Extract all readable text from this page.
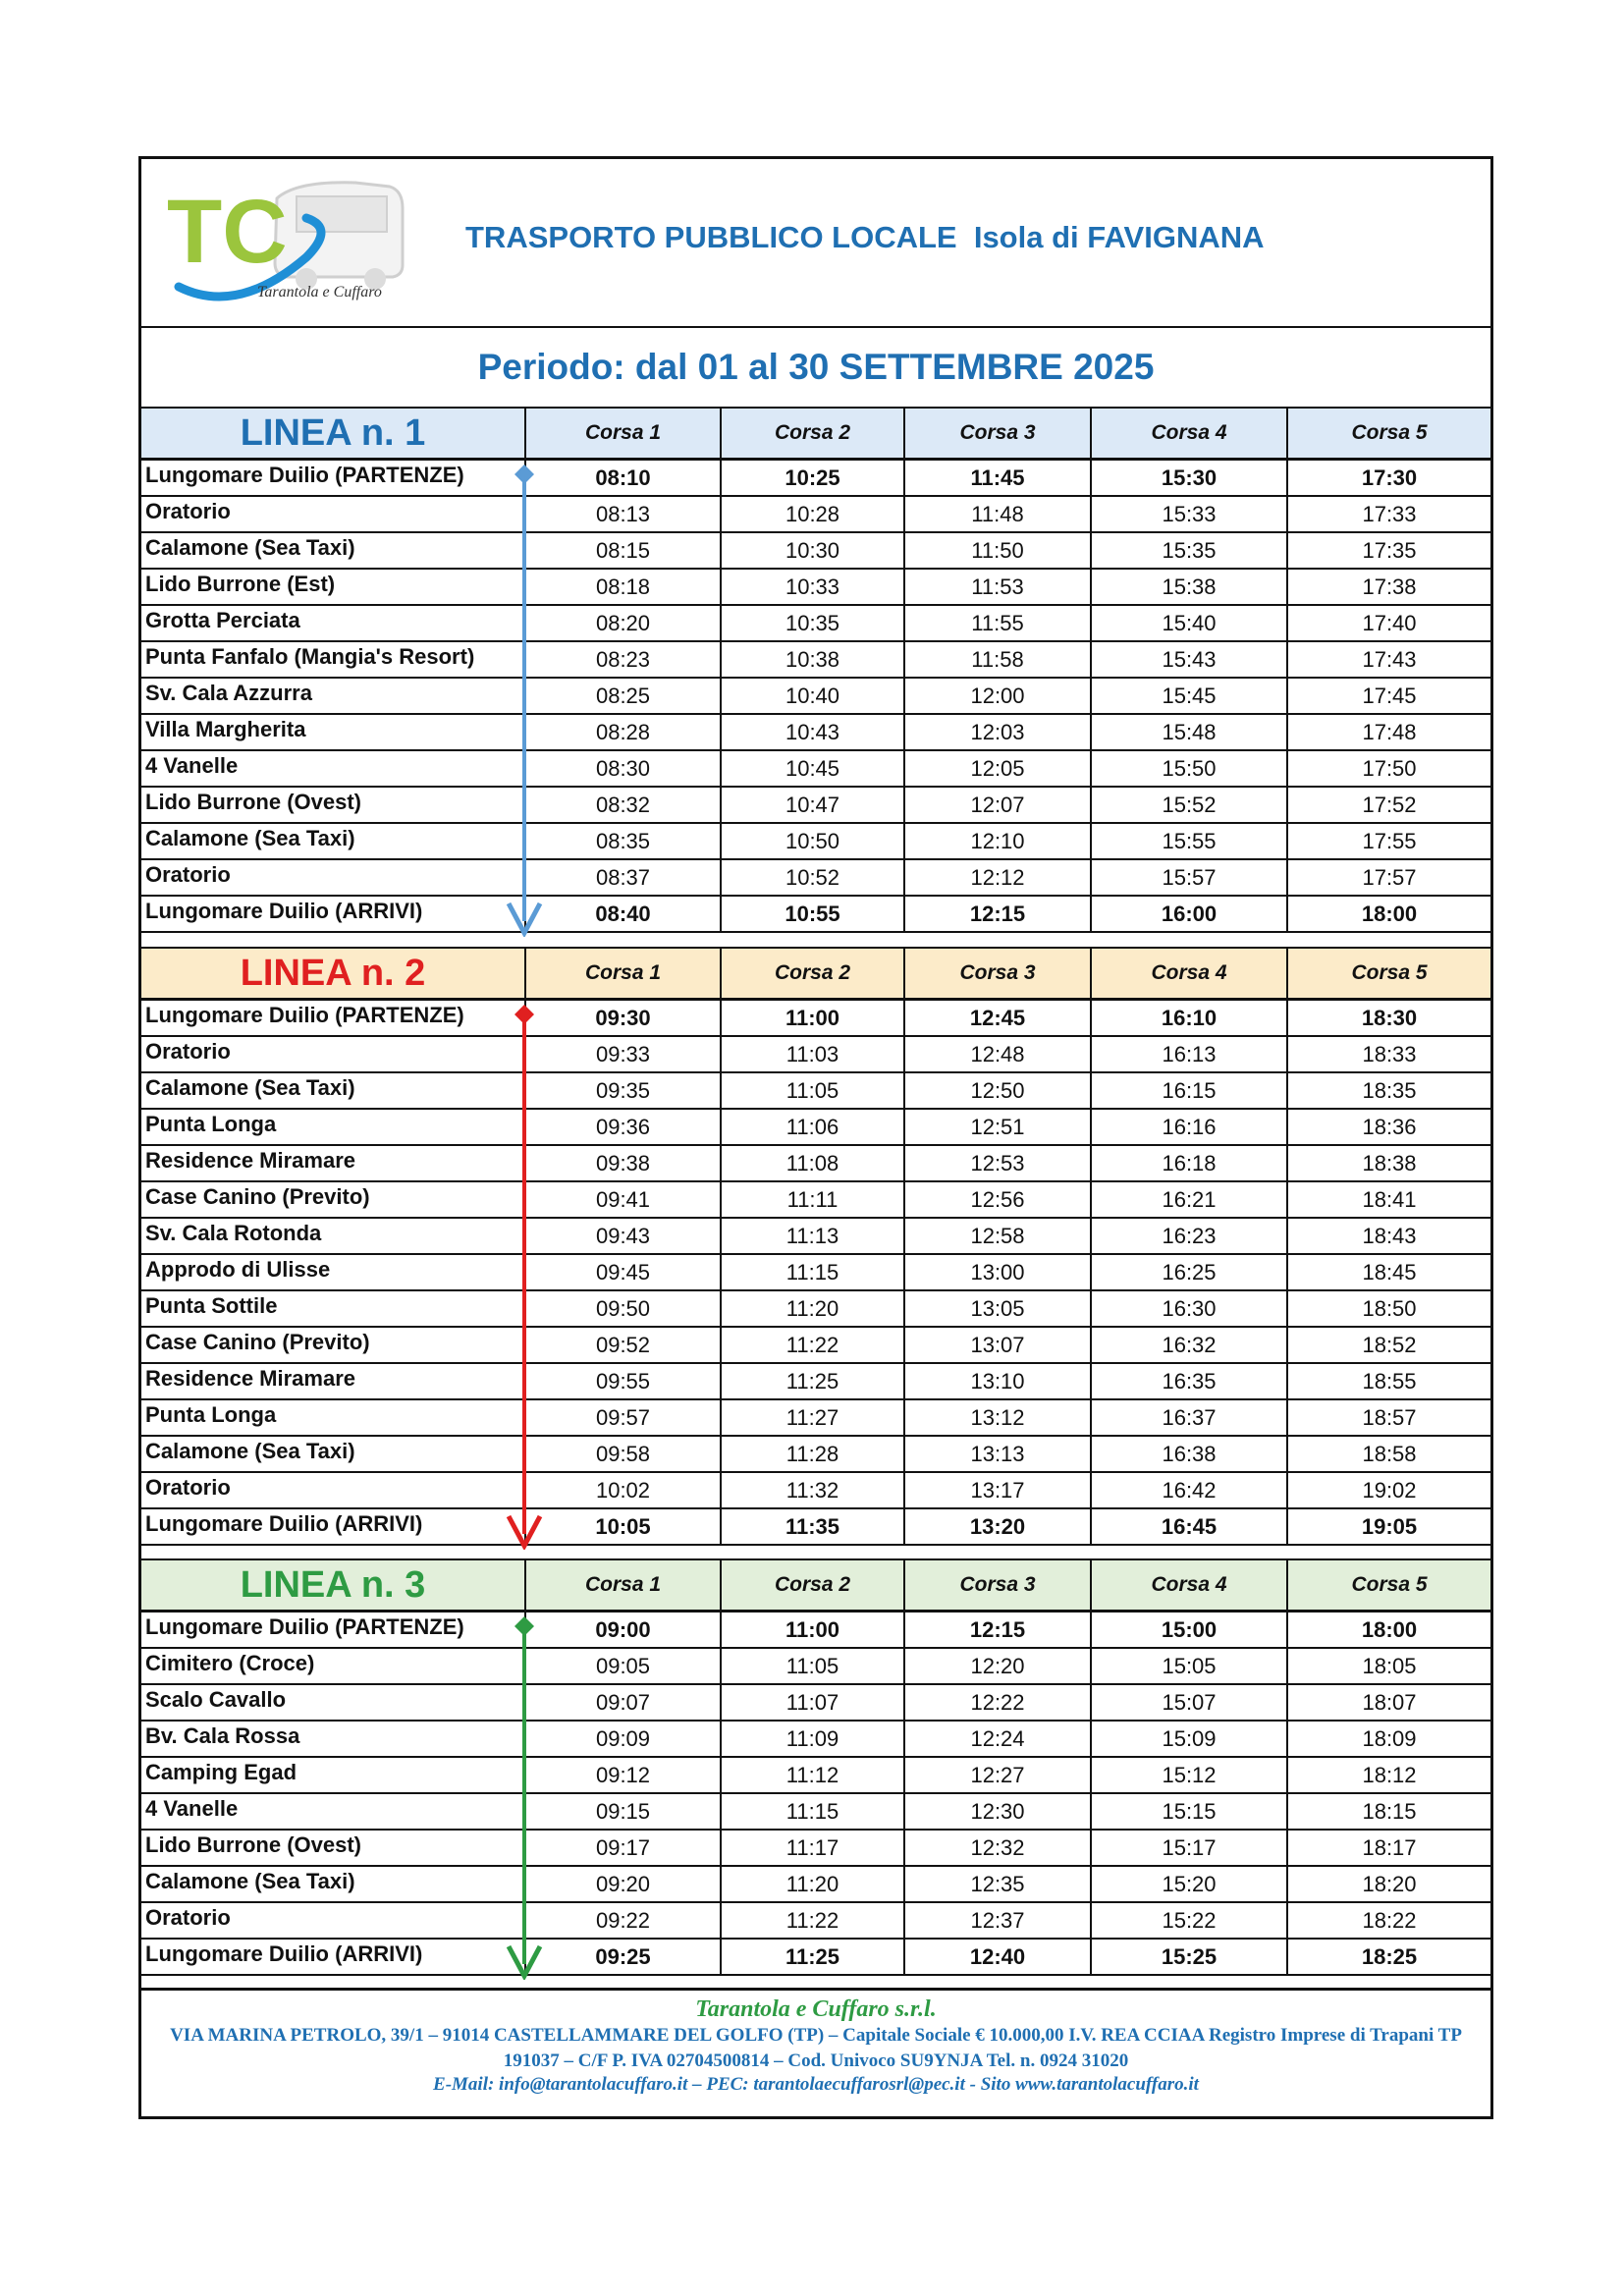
TC
Tarantola e Cuffaro
TRASPORTO PUBBLICO LOCALE  Isola di FAVIGNANA
Periodo: dal 01 al 30 SETTEMBRE 2025
LINEA n. 1	Corsa 1	Corsa 2	Corsa 3	Corsa 4	Corsa 5
Lungomare Duilio (PARTENZE)	08:10	10:25	11:45	15:30	17:30
Oratorio	08:13	10:28	11:48	15:33	17:33
Calamone (Sea Taxi)	08:15	10:30	11:50	15:35	17:35
Lido Burrone (Est)	08:18	10:33	11:53	15:38	17:38
Grotta Perciata	08:20	10:35	11:55	15:40	17:40
Punta Fanfalo (Mangia's Resort)	08:23	10:38	11:58	15:43	17:43
Sv. Cala Azzurra	08:25	10:40	12:00	15:45	17:45
Villa Margherita	08:28	10:43	12:03	15:48	17:48
4 Vanelle	08:30	10:45	12:05	15:50	17:50
Lido Burrone (Ovest)	08:32	10:47	12:07	15:52	17:52
Calamone (Sea Taxi)	08:35	10:50	12:10	15:55	17:55
Oratorio	08:37	10:52	12:12	15:57	17:57
Lungomare Duilio (ARRIVI)	08:40	10:55	12:15	16:00	18:00
LINEA n. 2	Corsa 1	Corsa 2	Corsa 3	Corsa 4	Corsa 5
Lungomare Duilio (PARTENZE)	09:30	11:00	12:45	16:10	18:30
Oratorio	09:33	11:03	12:48	16:13	18:33
Calamone (Sea Taxi)	09:35	11:05	12:50	16:15	18:35
Punta Longa	09:36	11:06	12:51	16:16	18:36
Residence Miramare	09:38	11:08	12:53	16:18	18:38
Case Canino (Previto)	09:41	11:11	12:56	16:21	18:41
Sv. Cala Rotonda	09:43	11:13	12:58	16:23	18:43
Approdo di Ulisse	09:45	11:15	13:00	16:25	18:45
Punta Sottile	09:50	11:20	13:05	16:30	18:50
Case Canino (Previto)	09:52	11:22	13:07	16:32	18:52
Residence Miramare	09:55	11:25	13:10	16:35	18:55
Punta Longa	09:57	11:27	13:12	16:37	18:57
Calamone (Sea Taxi)	09:58	11:28	13:13	16:38	18:58
Oratorio	10:02	11:32	13:17	16:42	19:02
Lungomare Duilio (ARRIVI)	10:05	11:35	13:20	16:45	19:05
LINEA n. 3	Corsa 1	Corsa 2	Corsa 3	Corsa 4	Corsa 5
Lungomare Duilio (PARTENZE)	09:00	11:00	12:15	15:00	18:00
Cimitero (Croce)	09:05	11:05	12:20	15:05	18:05
Scalo Cavallo	09:07	11:07	12:22	15:07	18:07
Bv. Cala Rossa	09:09	11:09	12:24	15:09	18:09
Camping Egad	09:12	11:12	12:27	15:12	18:12
4 Vanelle	09:15	11:15	12:30	15:15	18:15
Lido Burrone (Ovest)	09:17	11:17	12:32	15:17	18:17
Calamone (Sea Taxi)	09:20	11:20	12:35	15:20	18:20
Oratorio	09:22	11:22	12:37	15:22	18:22
Lungomare Duilio (ARRIVI)	09:25	11:25	12:40	15:25	18:25
Tarantola e Cuffaro s.r.l.
VIA MARINA PETROLO, 39/1 – 91014 CASTELLAMMARE DEL GOLFO (TP) – Capitale Sociale € 10.000,00 I.V. REA CCIAA Registro Imprese di Trapani TP 191037 – C/F P. IVA 02704500814 – Cod. Univoco SU9YNJA Tel. n. 0924 31020
E-Mail: info@tarantolacuffaro.it – PEC: tarantolaecuffarosrl@pec.it - Sito www.tarantolacuffaro.it
